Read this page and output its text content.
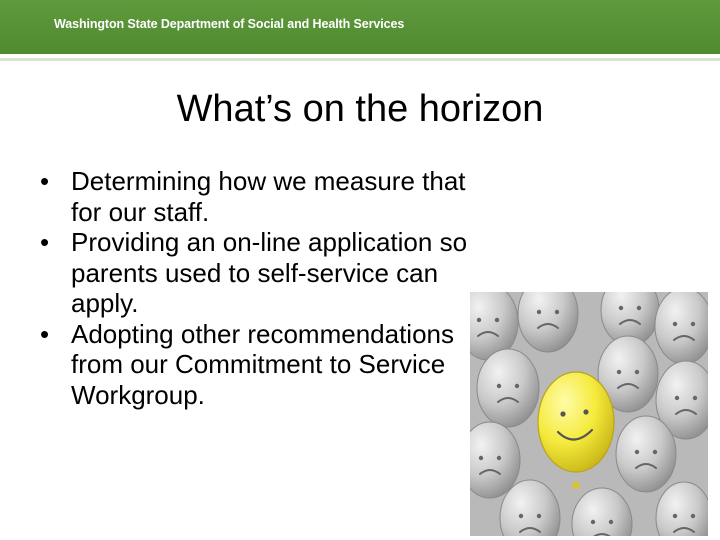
Washington State Department of Social and Health Services
What’s on the horizon
• Determining how we measure that for our staff.
• Providing an on-line application so parents used to self-service can apply.
• Adopting other recommendations from our Commitment to Service Workgroup.
